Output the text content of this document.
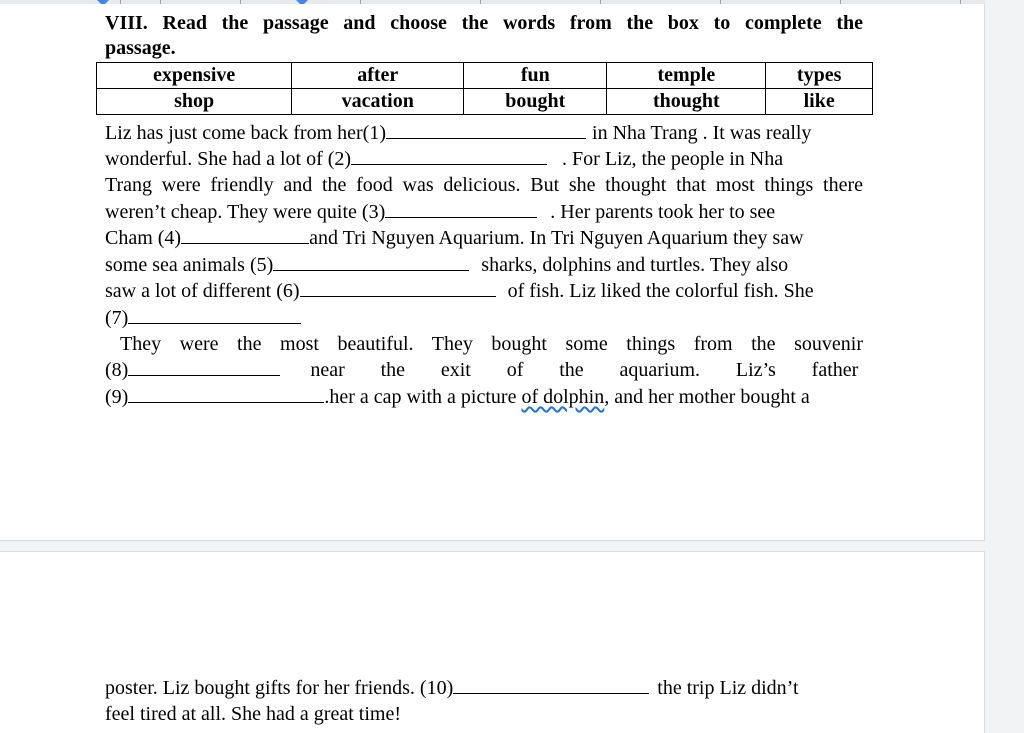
VIII. Read the passage and choose the words from the box to complete the
passage.
expensive	after	fun	temple	types
shop	vacation	bought	thought	like
Liz has just come back from her(1)	in Nha Trang . It was really
wonderful. She had a lot of (2)	. For Liz, the people in Nha
Trang were friendly and the food was delicious. But she thought that most things there
weren’t cheap. They were quite (3)	. Her parents took her to see
Cham (4)	and Tri Nguyen Aquarium. In Tri Nguyen Aquarium they saw
some sea animals (5)	sharks, dolphins and turtles. They also
saw a lot of different (6)	of fish. Liz liked the colorful fish. She
(7)
They were the most beautiful. They bought some things from the souvenir
(8)	near the exit of the aquarium. Liz’s father
(9)	.her a cap with a picture of dolphin, and her mother bought a
poster. Liz bought gifts for her friends. (10)	the trip Liz didn’t
feel tired at all. She had a great time!
